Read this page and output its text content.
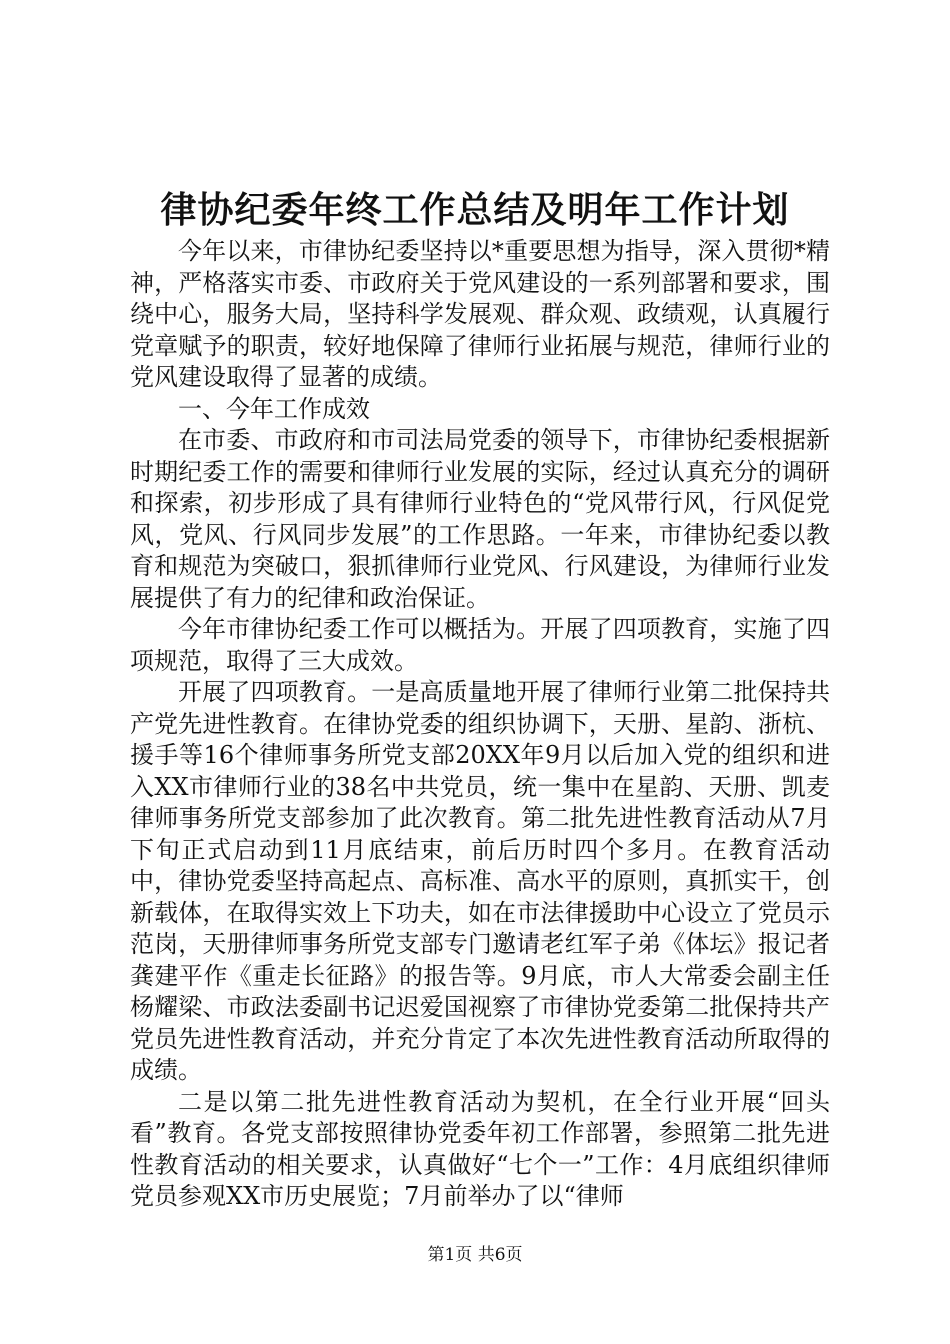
律协纪委年终工作总结及明年工作计划

今年以来，市律协纪委坚持以*重要思想为指导，深入贯彻*精神，严格落实市委、市政府关于党风建设的一系列部署和要求，围绕中心，服务大局，坚持科学发展观、群众观、政绩观，认真履行党章赋予的职责，较好地保障了律师行业拓展与规范，律师行业的党风建设取得了显著的成绩。

一、今年工作成效

在市委、市政府和市司法局党委的领导下，市律协纪委根据新时期纪委工作的需要和律师行业发展的实际，经过认真充分的调研和探索，初步形成了具有律师行业特色的“党风带行风，行风促党风，党风、行风同步发展”的工作思路。一年来，市律协纪委以教育和规范为突破口，狠抓律师行业党风、行风建设，为律师行业发展提供了有力的纪律和政治保证。

今年市律协纪委工作可以概括为。开展了四项教育，实施了四项规范，取得了三大成效。

开展了四项教育。一是高质量地开展了律师行业第二批保持共产党先进性教育。在律协党委的组织协调下，天册、星韵、浙杭、援手等16个律师事务所党支部20XX年9月以后加入党的组织和进入XX市律师行业的38名中共党员，统一集中在星韵、天册、凯麦律师事务所党支部参加了此次教育。第二批先进性教育活动从7月下旬正式启动到11月底结束，前后历时四个多月。在教育活动中，律协党委坚持高起点、高标准、高水平的原则，真抓实干，创新载体，在取得实效上下功夫，如在市法律援助中心设立了党员示范岗，天册律师事务所党支部专门邀请老红军子弟《体坛》报记者龚建平作《重走长征路》的报告等。9月底，市人大常委会副主任杨耀梁、市政法委副书记迟爱国视察了市律协党委第二批保持共产党员先进性教育活动，并充分肯定了本次先进性教育活动所取得的成绩。

二是以第二批先进性教育活动为契机，在全行业开展“回头看”教育。各党支部按照律协党委年初工作部署，参照第二批先进性教育活动的相关要求，认真做好“七个一”工作：4月底组织律师党员参观XX市历史展览；7月前举办了以“律师

第1页 共6页
